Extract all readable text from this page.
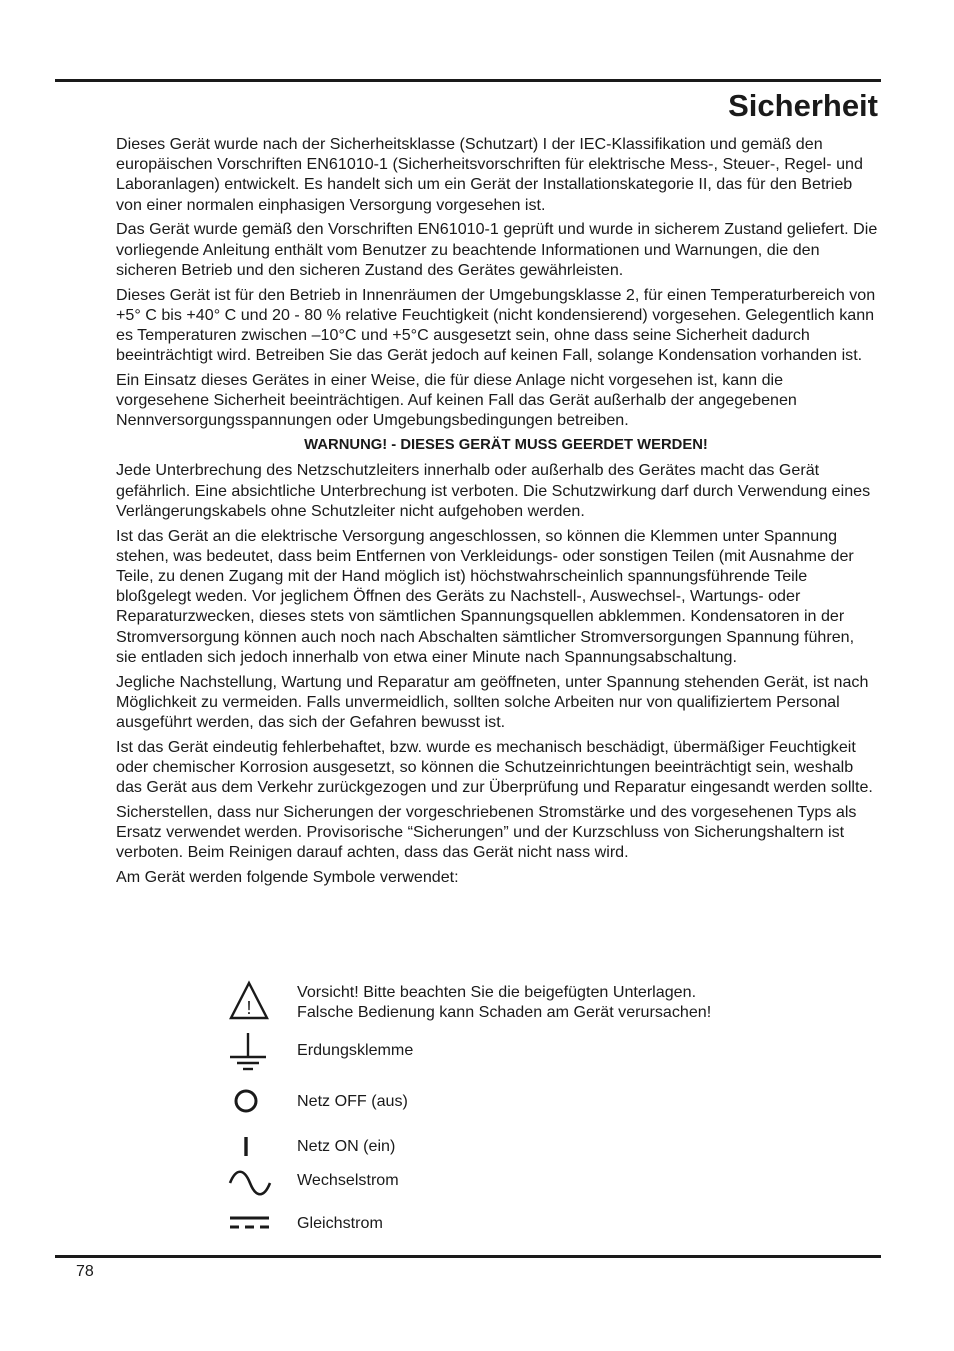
Sicherheit

Dieses Gerät wurde nach der Sicherheitsklasse (Schutzart) I der IEC-Klassifikation und gemäß den europäischen Vorschriften EN61010-1 (Sicherheitsvorschriften für elektrische Mess-, Steuer-, Regel- und Laboranlagen) entwickelt. Es handelt sich um ein Gerät der Installationskategorie II, das für den Betrieb von einer normalen einphasigen Versorgung vorgesehen ist.

Das Gerät wurde gemäß den Vorschriften EN61010-1 geprüft und wurde in sicherem Zustand geliefert. Die vorliegende Anleitung enthält vom Benutzer zu beachtende Informationen und Warnungen, die den sicheren Betrieb und den sicheren Zustand des Gerätes gewährleisten.

Dieses Gerät ist für den Betrieb in Innenräumen der Umgebungsklasse 2, für einen Temperaturbereich von +5° C bis +40° C und 20 - 80 % relative Feuchtigkeit (nicht kondensierend) vorgesehen. Gelegentlich kann es Temperaturen zwischen –10°C und +5°C ausgesetzt sein, ohne dass seine Sicherheit dadurch beeinträchtigt wird. Betreiben Sie das Gerät jedoch auf keinen Fall, solange Kondensation vorhanden ist.

Ein Einsatz dieses Gerätes in einer Weise, die für diese Anlage nicht vorgesehen ist, kann die vorgesehene Sicherheit beeinträchtigen. Auf keinen Fall das Gerät außerhalb der angegebenen Nennversorgungsspannungen oder Umgebungsbedingungen betreiben.

WARNUNG! - DIESES GERÄT MUSS GEERDET WERDEN!

Jede Unterbrechung des Netzschutzleiters innerhalb oder außerhalb des Gerätes macht das Gerät gefährlich. Eine absichtliche Unterbrechung ist verboten. Die Schutzwirkung darf durch Verwendung eines Verlängerungskabels ohne Schutzleiter nicht aufgehoben werden.

Ist das Gerät an die elektrische Versorgung angeschlossen, so können die Klemmen unter Spannung stehen, was bedeutet, dass beim Entfernen von Verkleidungs- oder sonstigen Teilen (mit Ausnahme der Teile, zu denen Zugang mit der Hand möglich ist) höchstwahrscheinlich spannungsführende Teile bloßgelegt weden. Vor jeglichem Öffnen des Geräts zu Nachstell-, Auswechsel-, Wartungs- oder Reparaturzwecken, dieses stets von sämtlichen Spannungsquellen abklemmen. Kondensatoren in der Stromversorgung können auch noch nach Abschalten sämtlicher Stromversorgungen Spannung führen, sie entladen sich jedoch innerhalb von etwa einer Minute nach Spannungsabschaltung.

Jegliche Nachstellung, Wartung und Reparatur am geöffneten, unter Spannung stehenden Gerät, ist nach Möglichkeit zu vermeiden. Falls unvermeidlich, sollten solche Arbeiten nur von qualifiziertem Personal ausgeführt werden, das sich der Gefahren bewusst ist.

Ist das Gerät eindeutig fehlerbehaftet, bzw. wurde es mechanisch beschädigt, übermäßiger Feuchtigkeit oder chemischer Korrosion ausgesetzt, so können die Schutzeinrichtungen beeinträchtigt sein, weshalb das Gerät aus dem Verkehr zurückgezogen und zur Überprüfung und Reparatur eingesandt werden sollte.

Sicherstellen, dass nur Sicherungen der vorgeschriebenen Stromstärke und des vorgesehenen Typs als Ersatz verwendet werden. Provisorische “Sicherungen” und der Kurzschluss von Sicherungshaltern ist verboten. Beim Reinigen darauf achten, dass das Gerät nicht nass wird.

Am Gerät werden folgende Symbole verwendet:

!
Vorsicht! Bitte beachten Sie die beigefügten Unterlagen.
Falsche Bedienung kann Schaden am Gerät verursachen!
Erdungsklemme
Netz OFF (aus)
Netz ON (ein)
Wechselstrom
Gleichstrom
78
